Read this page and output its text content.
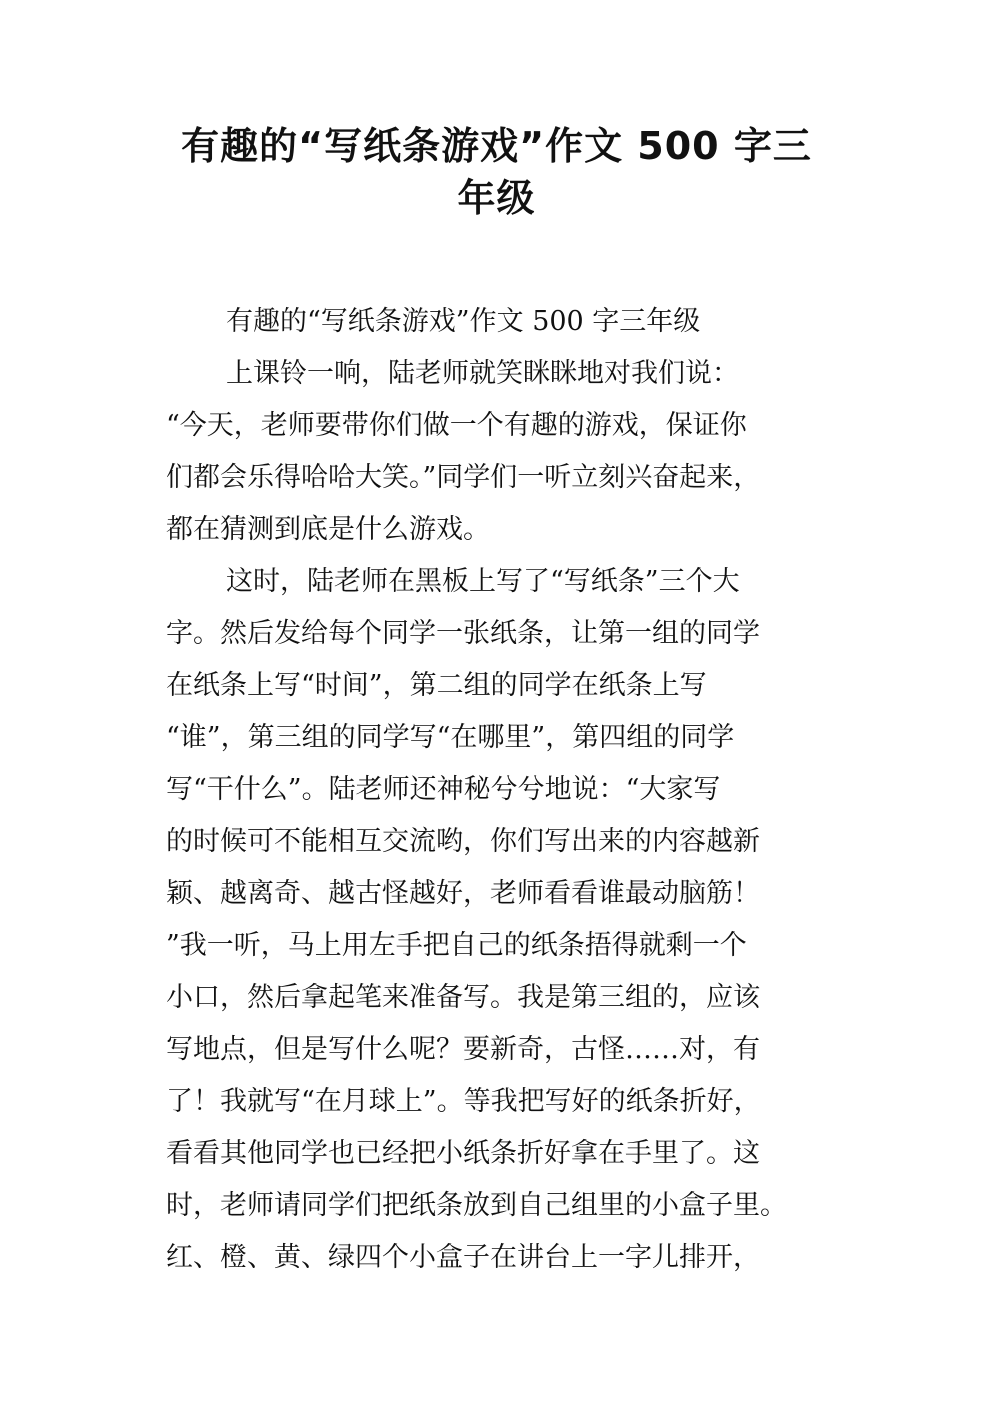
有趣的“写纸条游戏”作文 500 字三
年级
有趣的“写纸条游戏”作文 500 字三年级
上课铃一响，陆老师就笑眯眯地对我们说：
“今天，老师要带你们做一个有趣的游戏，保证你
们都会乐得哈哈大笑。”同学们一听立刻兴奋起来，
都在猜测到底是什么游戏。
这时，陆老师在黑板上写了“写纸条”三个大
字。然后发给每个同学一张纸条，让第一组的同学
在纸条上写“时间”，第二组的同学在纸条上写
“谁”，第三组的同学写“在哪里”，第四组的同学
写“干什么”。陆老师还神秘兮兮地说：“大家写
的时候可不能相互交流哟，你们写出来的内容越新
颖、越离奇、越古怪越好，老师看看谁最动脑筋！
”我一听，马上用左手把自己的纸条捂得就剩一个
小口，然后拿起笔来准备写。我是第三组的，应该
写地点，但是写什么呢？要新奇，古怪……对，有
了！我就写“在月球上”。等我把写好的纸条折好，
看看其他同学也已经把小纸条折好拿在手里了。这
时，老师请同学们把纸条放到自己组里的小盒子里。
红、橙、黄、绿四个小盒子在讲台上一字儿排开，
